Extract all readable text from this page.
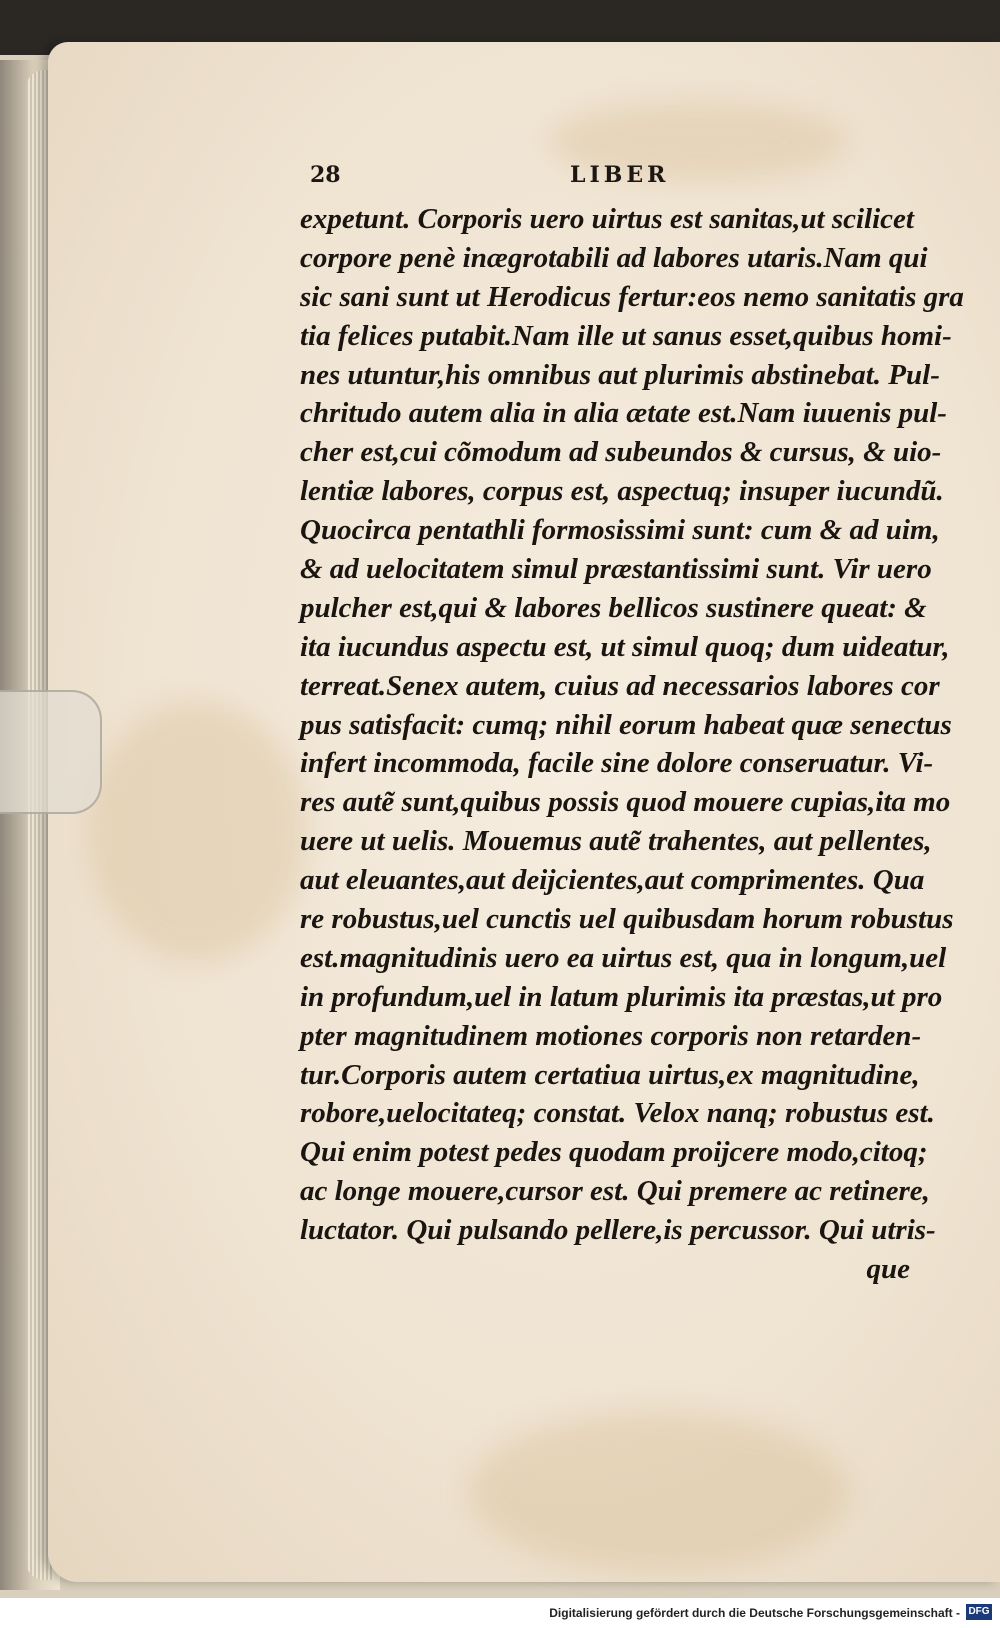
28	LIBER
expetunt. Corporis uero uirtus est sanitas,ut scilicet
corpore penè inægrotabili ad labores utaris.Nam qui
sic sani sunt ut Herodicus fertur:eos nemo sanitatis gra
tia felices putabit.Nam ille ut sanus esset,quibus homi-
nes utuntur,his omnibus aut plurimis abstinebat. Pul-
chritudo autem alia in alia ætate est.Nam iuuenis pul-
cher est,cui cõmodum ad subeundos & cursus, & uio-
lentiæ labores, corpus est, aspectuq; insuper iucundũ.
Quocirca pentathli formosissimi sunt: cum & ad uim,
& ad uelocitatem simul præstantissimi sunt. Vir uero
pulcher est,qui & labores bellicos sustinere queat: &
ita iucundus aspectu est, ut simul quoq; dum uideatur,
terreat.Senex autem, cuius ad necessarios labores cor
pus satisfacit: cumq; nihil eorum habeat quæ senectus
infert incommoda, facile sine dolore conseruatur. Vi-
res autẽ sunt,quibus possis quod mouere cupias,ita mo
uere ut uelis. Mouemus autẽ trahentes, aut pellentes,
aut eleuantes,aut deijcientes,aut comprimentes. Qua
re robustus,uel cunctis uel quibusdam horum robustus
est.magnitudinis uero ea uirtus est, qua in longum,uel
in profundum,uel in latum plurimis ita præstas,ut pro
pter magnitudinem motiones corporis non retarden-
tur.Corporis autem certatiua uirtus,ex magnitudine,
robore,uelocitateq; constat. Velox nanq; robustus est.
Qui enim potest pedes quodam proijcere modo,citoq;
ac longe mouere,cursor est. Qui premere ac retinere,
luctator. Qui pulsando pellere,is percussor. Qui utris-
que
Digitalisierung gefördert durch die Deutsche Forschungsgemeinschaft - DFG
